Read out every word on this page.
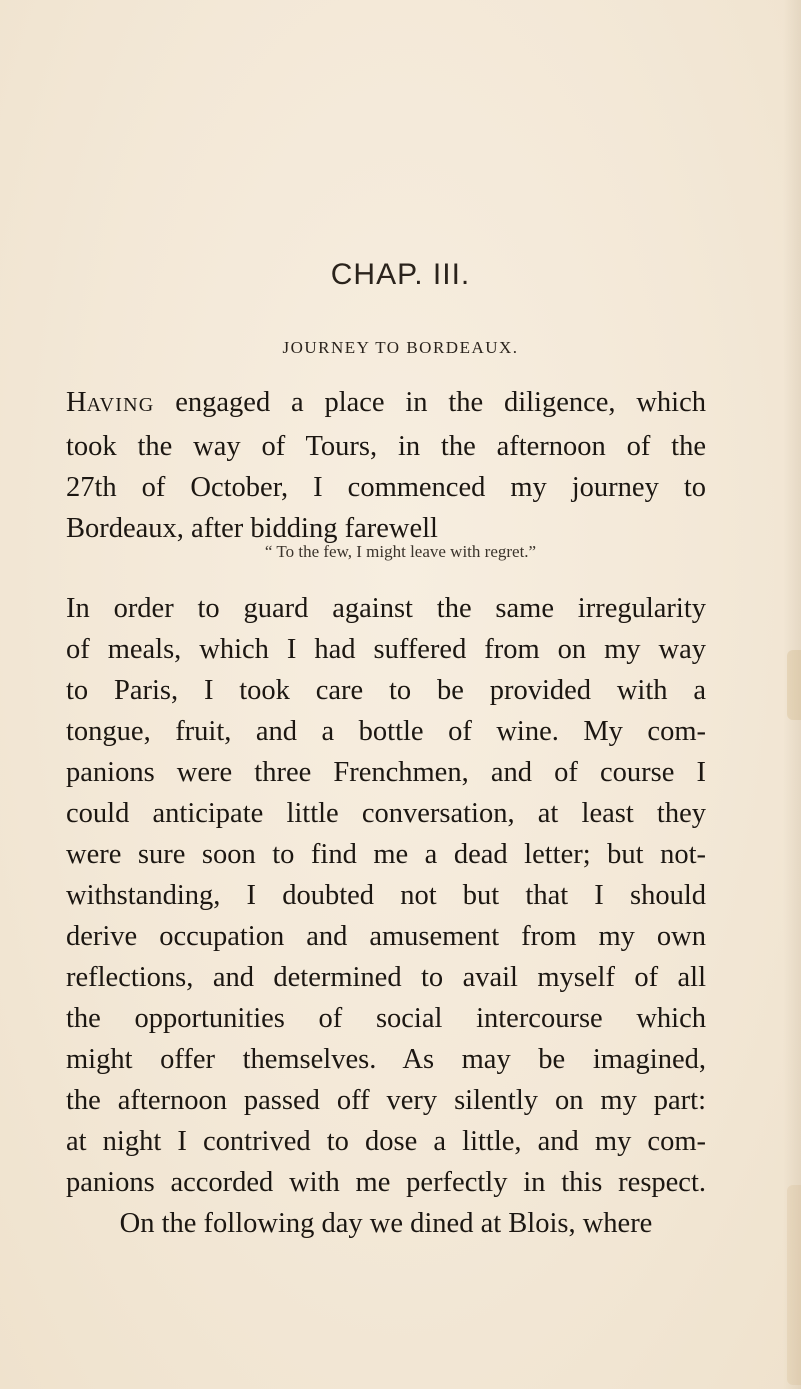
CHAP. III.
JOURNEY TO BORDEAUX.
HAVING engaged a place in the diligence, which
took the way of Tours, in the afternoon of the
27th of October, I commenced my journey to
Bordeaux, after bidding farewell
“ To the few, I might leave with regret.”
In order to guard against the same irregularity
of meals, which I had suffered from on my way
to Paris, I took care to be provided with a
tongue, fruit, and a bottle of wine. My com-
panions were three Frenchmen, and of course I
could anticipate little conversation, at least they
were sure soon to find me a dead letter; but not-
withstanding, I doubted not but that I should
derive occupation and amusement from my own
reflections, and determined to avail myself of all
the opportunities of social intercourse which
might offer themselves. As may be imagined,
the afternoon passed off very silently on my part:
at night I contrived to dose a little, and my com-
panions accorded with me perfectly in this respect.
On the following day we dined at Blois, where
